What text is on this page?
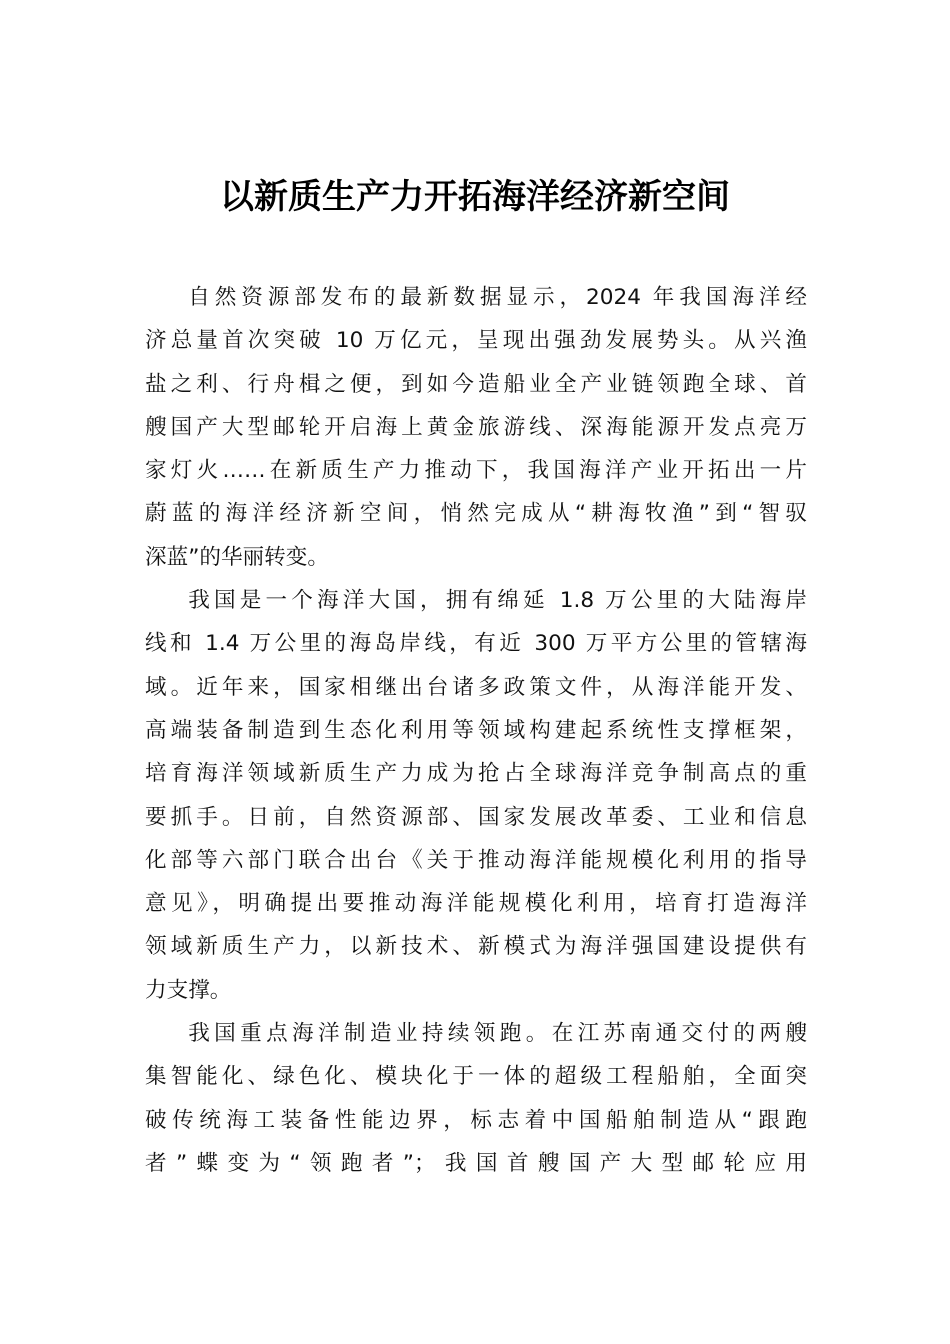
以新质生产力开拓海洋经济新空间
自然资源部发布的最新数据显示，2024 年我国海洋经
济总量首次突破 10 万亿元，呈现出强劲发展势头。从兴渔
盐之利、行舟楫之便，到如今造船业全产业链领跑全球、首
艘国产大型邮轮开启海上黄金旅游线、深海能源开发点亮万
家灯火……在新质生产力推动下，我国海洋产业开拓出一片
蔚蓝的海洋经济新空间，悄然完成从“耕海牧渔”到“智驭
深蓝”的华丽转变。
我国是一个海洋大国，拥有绵延 1.8 万公里的大陆海岸
线和 1.4 万公里的海岛岸线，有近 300 万平方公里的管辖海
域。近年来，国家相继出台诸多政策文件，从海洋能开发、
高端装备制造到生态化利用等领域构建起系统性支撑框架，
培育海洋领域新质生产力成为抢占全球海洋竞争制高点的重
要抓手。日前，自然资源部、国家发展改革委、工业和信息
化部等六部门联合出台《关于推动海洋能规模化利用的指导
意见》，明确提出要推动海洋能规模化利用，培育打造海洋
领域新质生产力，以新技术、新模式为海洋强国建设提供有
力支撑。
我国重点海洋制造业持续领跑。在江苏南通交付的两艘
集智能化、绿色化、模块化于一体的超级工程船舶，全面突
破传统海工装备性能边界，标志着中国船舶制造从“跟跑
者”蝶变为“领跑者”；我国首艘国产大型邮轮应用
